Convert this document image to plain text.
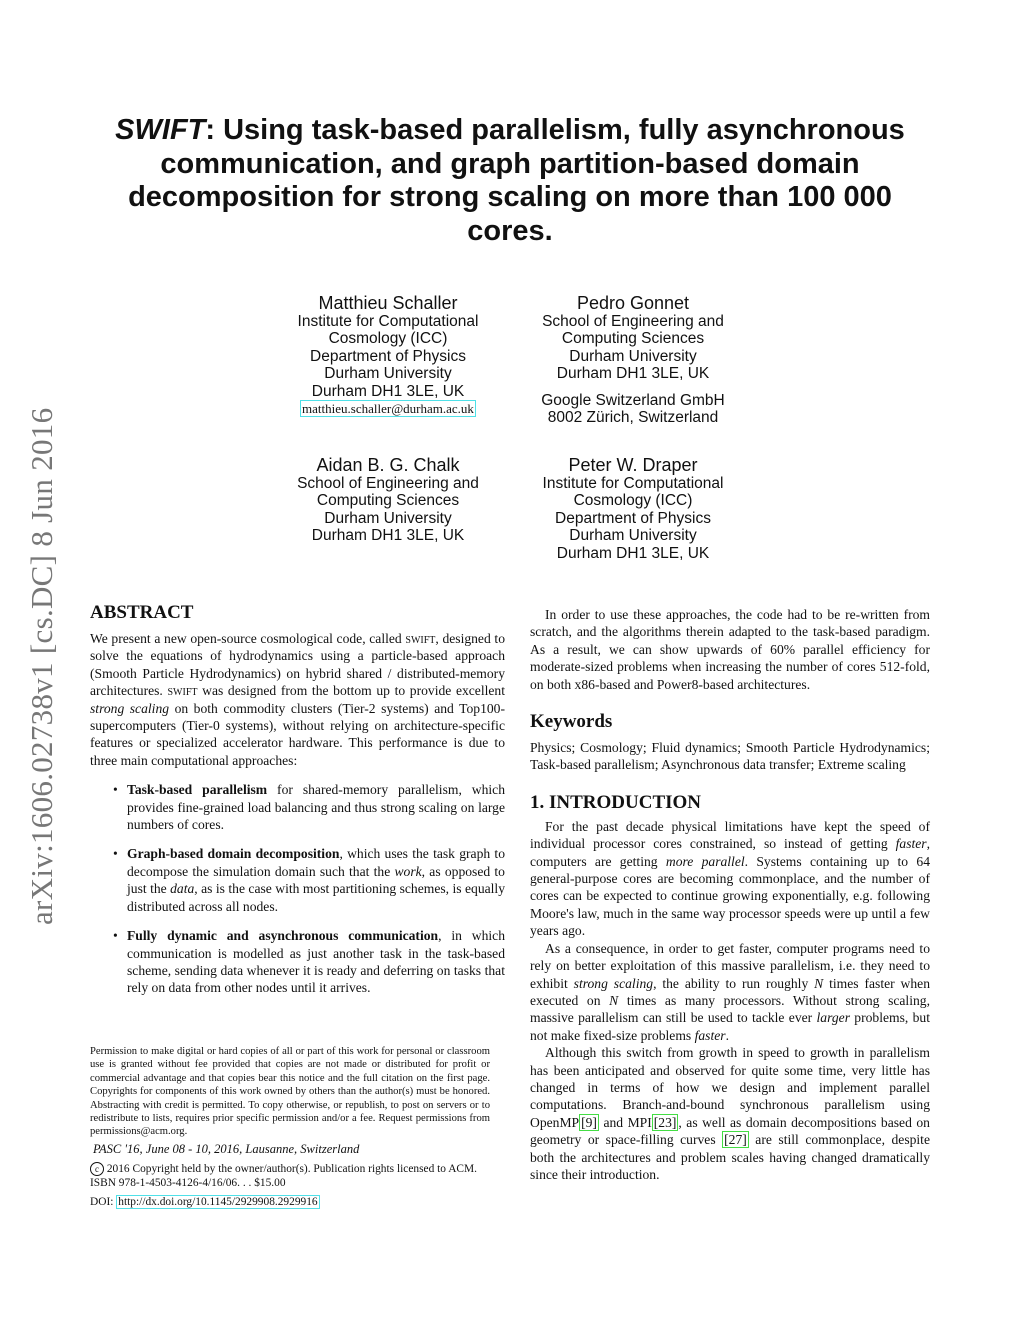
SWIFT: Using task-based parallelism, fully asynchronous communication, and graph partition-based domain decomposition for strong scaling on more than 100 000 cores.
arXiv:1606.02738v1 [cs.DC] 8 Jun 2016
Matthieu Schaller
Institute for Computational
Cosmology (ICC)
Department of Physics
Durham University
Durham DH1 3LE, UK
matthieu.schaller@durham.ac.uk
Pedro Gonnet
School of Engineering and
Computing Sciences
Durham University
Durham DH1 3LE, UK
Google Switzerland GmbH
8002 Zürich, Switzerland
Aidan B. G. Chalk
School of Engineering and
Computing Sciences
Durham University
Durham DH1 3LE, UK
Peter W. Draper
Institute for Computational
Cosmology (ICC)
Department of Physics
Durham University
Durham DH1 3LE, UK
ABSTRACT

We present a new open-source cosmological code, called swift, designed to solve the equations of hydrodynamics using a particle-based approach (Smooth Particle Hydrodynamics) on hybrid shared / distributed-memory architectures. swift was designed from the bottom up to provide excellent strong scaling on both commodity clusters (Tier-2 systems) and Top100-supercomputers (Tier-0 systems), without relying on architecture-specific features or specialized accelerator hardware. This performance is due to three main computational approaches:

• Task-based parallelism for shared-memory parallelism, which provides fine-grained load balancing and thus strong scaling on large numbers of cores.
• Graph-based domain decomposition, which uses the task graph to decompose the simulation domain such that the work, as opposed to just the data, as is the case with most partitioning schemes, is equally distributed across all nodes.
• Fully dynamic and asynchronous communication, in which communication is modelled as just another task in the task-based scheme, sending data whenever it is ready and deferring on tasks that rely on data from other nodes until it arrives.
Permission to make digital or hard copies of all or part of this work for personal or classroom use is granted without fee provided that copies are not made or distributed for profit or commercial advantage and that copies bear this notice and the full citation on the first page. Copyrights for components of this work owned by others than the author(s) must be honored. Abstracting with credit is permitted. To copy otherwise, or republish, to post on servers or to redistribute to lists, requires prior specific permission and/or a fee. Request permissions from permissions@acm.org.
PASC '16, June 08 - 10, 2016, Lausanne, Switzerland
c 2016 Copyright held by the owner/author(s). Publication rights licensed to ACM.
ISBN 978-1-4503-4126-4/16/06. . . $15.00
DOI: http://dx.doi.org/10.1145/2929908.2929916

In order to use these approaches, the code had to be re-written from scratch, and the algorithms therein adapted to the task-based paradigm. As a result, we can show upwards of 60% parallel efficiency for moderate-sized problems when increasing the number of cores 512-fold, on both x86-based and Power8-based architectures.

Keywords

Physics; Cosmology; Fluid dynamics; Smooth Particle Hydrodynamics; Task-based parallelism; Asynchronous data transfer; Extreme scaling

1. INTRODUCTION

For the past decade physical limitations have kept the speed of individual processor cores constrained, so instead of getting faster, computers are getting more parallel. Systems containing up to 64 general-purpose cores are becoming commonplace, and the number of cores can be expected to continue growing exponentially, e.g. following Moore's law, much in the same way processor speeds were up until a few years ago.

As a consequence, in order to get faster, computer programs need to rely on better exploitation of this massive parallelism, i.e. they need to exhibit strong scaling, the ability to run roughly N times faster when executed on N times as many processors. Without strong scaling, massive parallelism can still be used to tackle ever larger problems, but not make fixed-size problems faster.

Although this switch from growth in speed to growth in parallelism has been anticipated and observed for quite some time, very little has changed in terms of how we design and implement parallel computations. Branch-and-bound synchronous parallelism using OpenMP [9] and MPI [23] , as well as domain decompositions based on geometry or space-filling curves [27] are still commonplace, despite both the architectures and problem scales having changed dramatically since their introduction.
